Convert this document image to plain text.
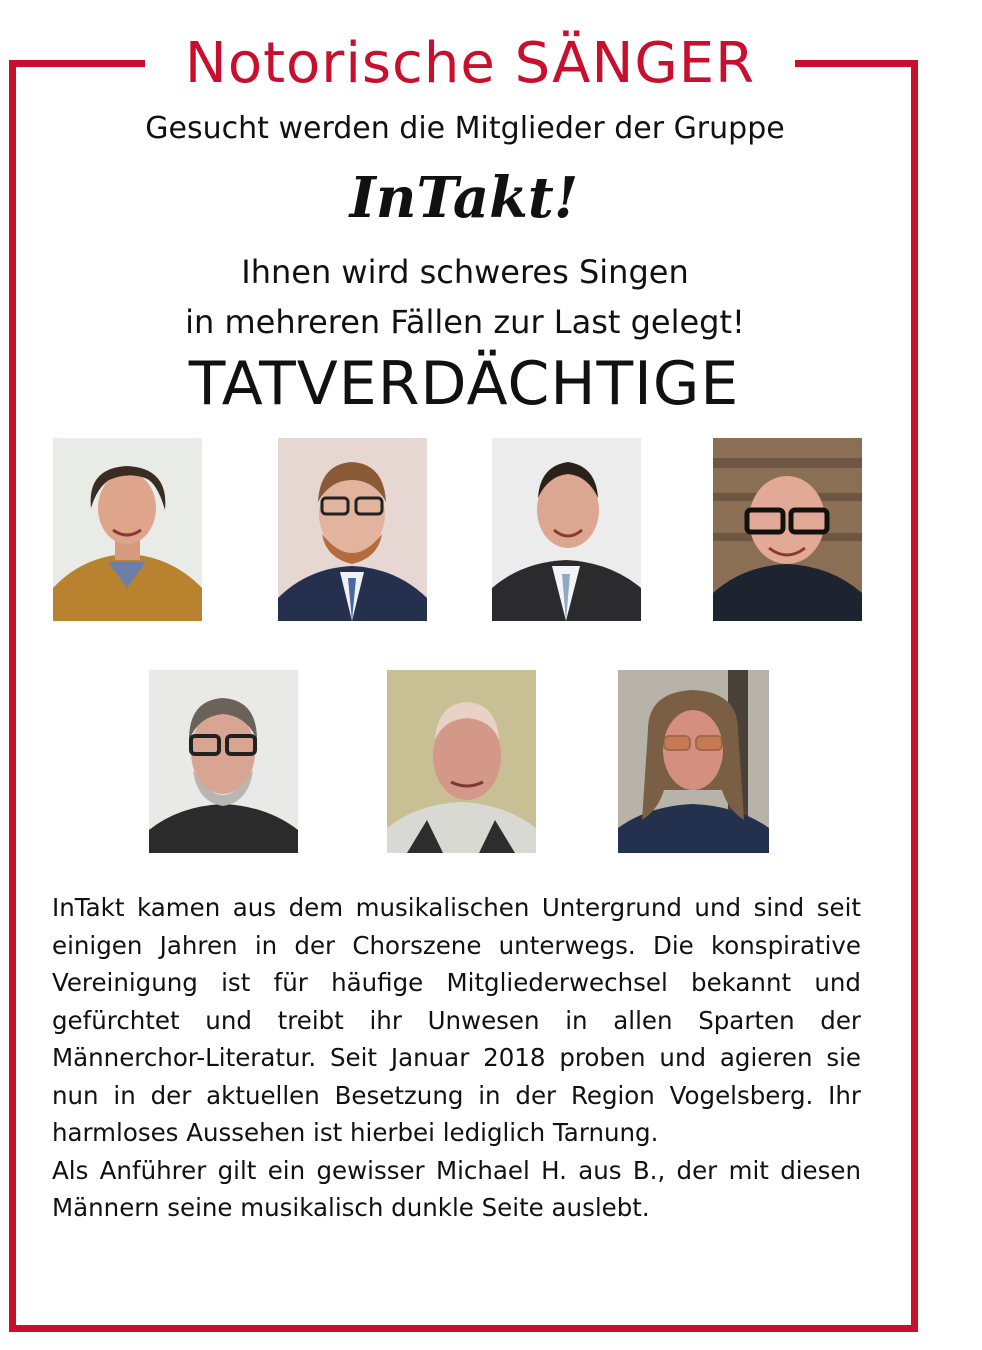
Notorische SÄNGER
Gesucht werden die Mitglieder der Gruppe
InTakt!
Ihnen wird schweres Singen
in mehreren Fällen zur Last gelegt!
TATVERDÄCHTIGE

InTakt kamen aus dem musikalischen Untergrund und sind seit einigen Jahren in der Chorszene unterwegs. Die konspirative Vereinigung ist für häufige Mitgliederwechsel bekannt und gefürchtet und treibt ihr Unwesen in allen Sparten der Männerchor-Literatur. Seit Januar 2018 proben und agieren sie nun in der aktuellen Besetzung in der Region Vogelsberg. Ihr harmloses Aussehen ist hierbei lediglich Tarnung.

Als Anführer gilt ein gewisser Michael H. aus B., der mit diesen Männern seine musikalisch dunkle Seite auslebt.
